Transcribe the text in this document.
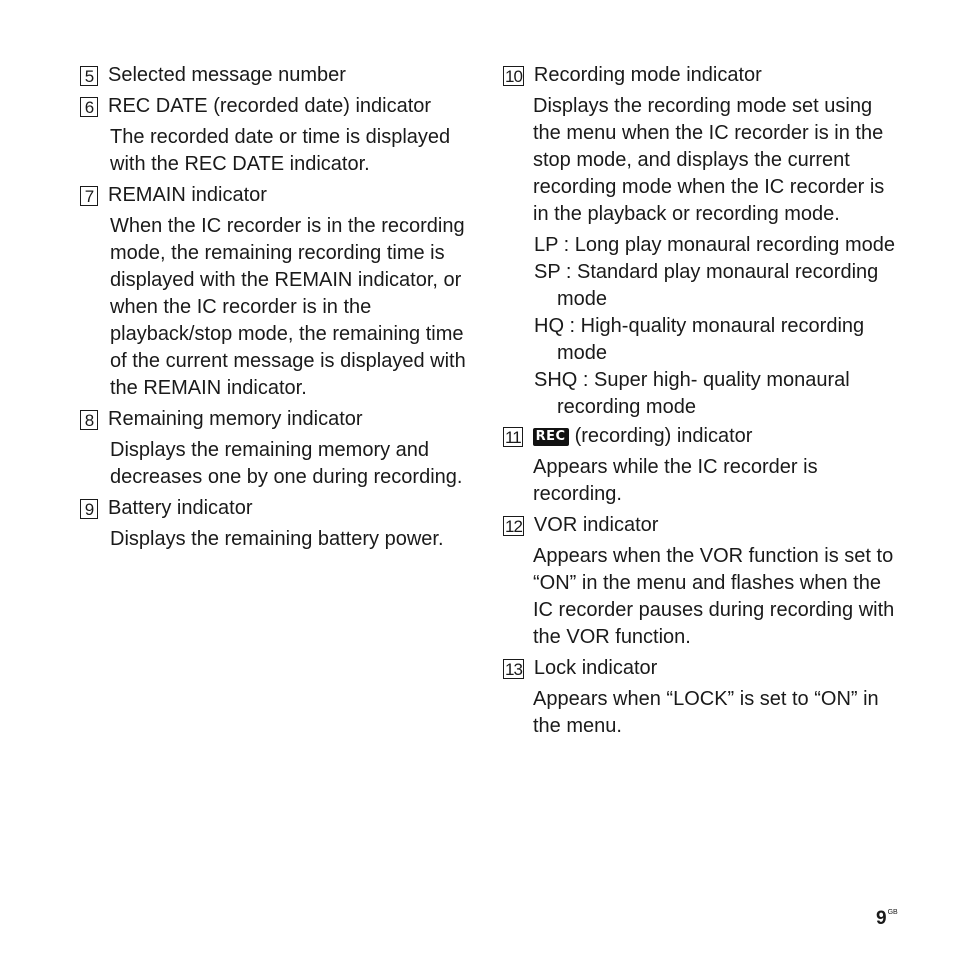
5 Selected message number
6 REC DATE (recorded date) indicator
The recorded date or time is displayed with the REC DATE indicator.
7 REMAIN indicator
When the IC recorder is in the recording mode, the remaining recording time is displayed with the REMAIN indicator, or when the IC recorder is in the playback/stop mode, the remaining time of the current message is displayed with the REMAIN indicator.
8 Remaining memory indicator
Displays the remaining memory and decreases one by one during recording.
9 Battery indicator
Displays the remaining battery power.
10 Recording mode indicator
Displays the recording mode set using the menu when the IC recorder is in the stop mode, and displays the current recording mode when the IC recorder is in the playback or recording mode.
LP : Long play monaural recording mode
SP : Standard play monaural recording mode
HQ : High-quality monaural recording mode
SHQ : Super high- quality monaural recording mode
11 REC (recording) indicator
Appears while the IC recorder is recording.
12 VOR indicator
Appears when the VOR function is set to “ON” in the menu and flashes when the IC recorder pauses during recording with the VOR function.
13 Lock indicator
Appears when “LOCK” is set to “ON” in the menu.
$9^{GB}$
